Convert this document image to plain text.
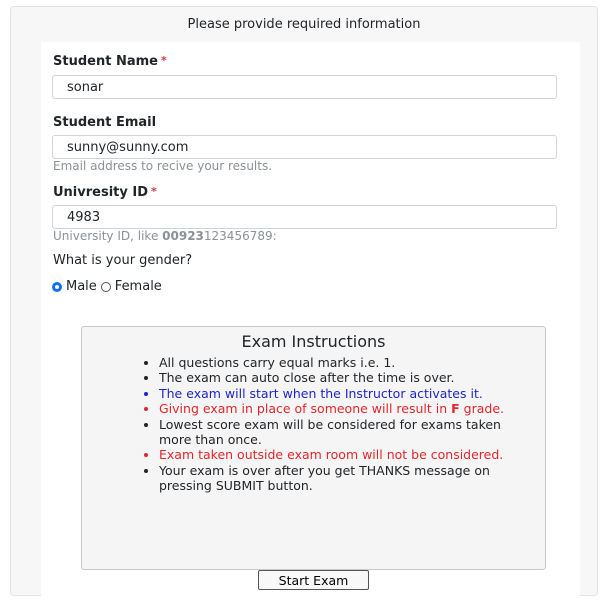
Please provide required information
Student Name *
sonar
Student Email
sunny@sunny.com
Email address to recive your results.
Univresity ID *
4983
University ID, like 00923123456789:
What is your gender?
Male Female
Exam Instructions
• All questions carry equal marks i.e. 1.
• The exam can auto close after the time is over.
• The exam will start when the Instructor activates it.
• Giving exam in place of someone will result in F grade.
• Lowest score exam will be considered for exams taken more than once.
• Exam taken outside exam room will not be considered.
• Your exam is over after you get THANKS message on pressing SUBMIT button.
Start Exam
